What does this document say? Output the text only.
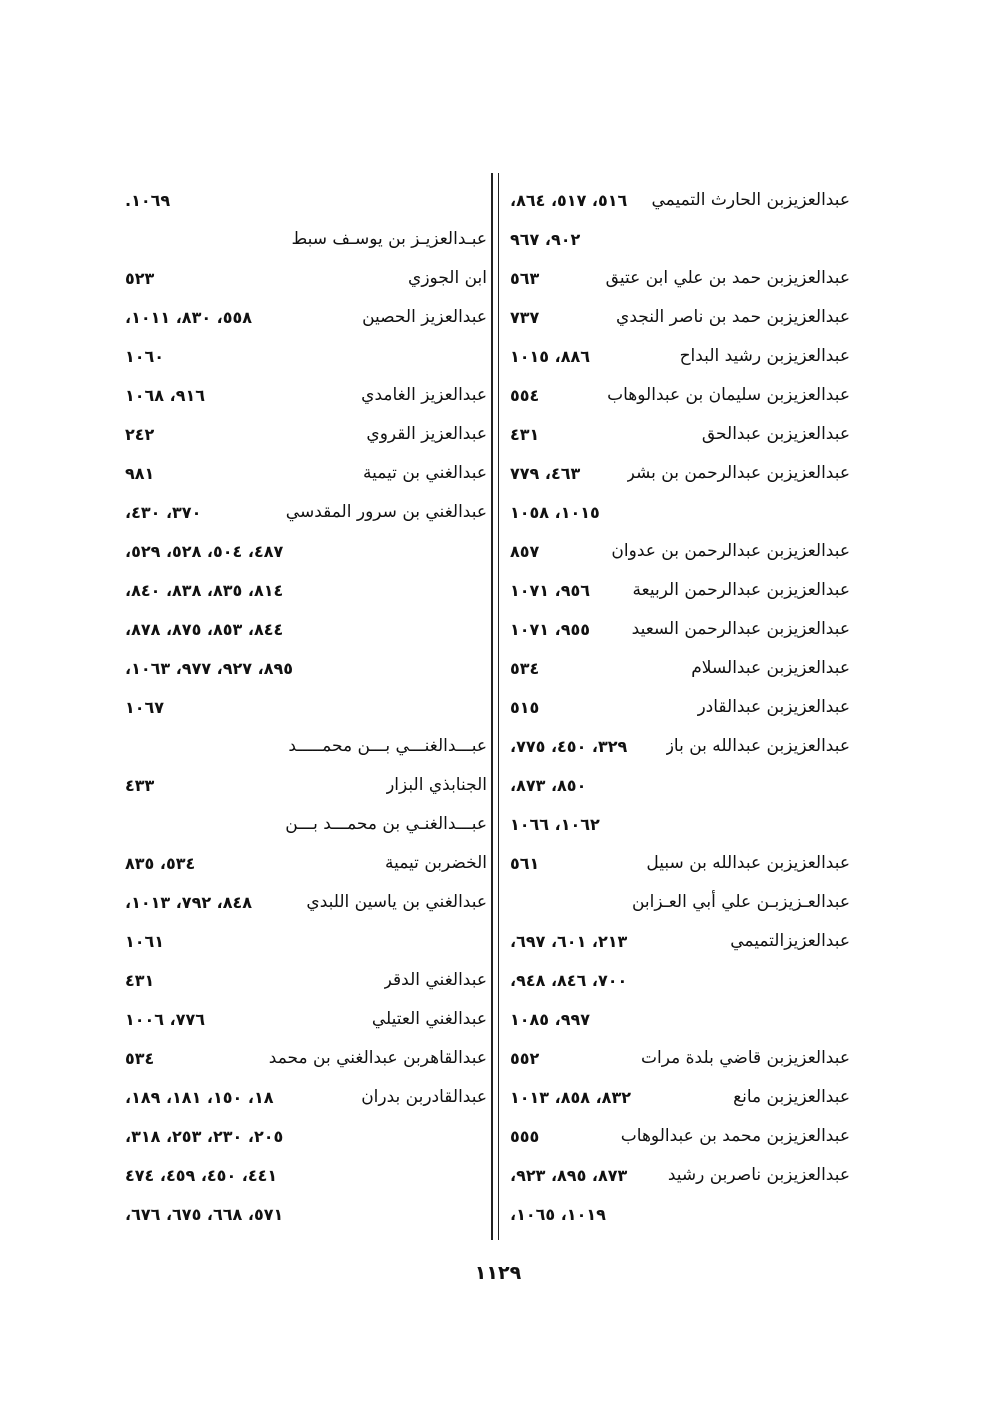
عبدالعزيزبن الحارث التميمي
٥١٦، ٥١٧، ٨٦٤،
٩٠٢، ٩٦٧
عبدالعزيزبن حمد بن علي ابن عتيق
٥٦٣
عبدالعزيزبن حمد بن ناصر النجدي
٧٣٧
عبدالعزيزبن رشيد البداح
٨٨٦، ١٠١٥
عبدالعزيزبن سليمان بن عبدالوهاب
٥٥٤
عبدالعزيزبن عبدالحق
٤٣١
عبدالعزيزبن عبدالرحمن بن بشر
٤٦٣، ٧٧٩
١٠١٥، ١٠٥٨
عبدالعزيزبن عبدالرحمن بن عدوان
٨٥٧
عبدالعزيزبن عبدالرحمن الربيعة
٩٥٦، ١٠٧١
عبدالعزيزبن عبدالرحمن السعيد
٩٥٥، ١٠٧١
عبدالعزيزبن عبدالسلام
٥٣٤
عبدالعزيزبن عبدالقادر
٥١٥
عبدالعزيزبن عبدالله بن باز
٣٢٩، ٤٥٠، ٧٧٥،
٨٥٠، ٨٧٣،
١٠٦٢، ١٠٦٦
عبدالعزيزبن عبدالله بن سبيل
٥٦١
عبدالعـزيزبـن علي أبي العـزابن
عبدالعزيزالتميمي
٢١٣، ٦٠١، ٦٩٧،
٧٠٠، ٨٤٦، ٩٤٨،
٩٩٧، ١٠٨٥
عبدالعزيزبن قاضي بلدة مرات
٥٥٢
عبدالعزيزبن مانع
٨٣٢، ٨٥٨، ١٠١٣
عبدالعزيزبن محمد بن عبدالوهاب
٥٥٥
عبدالعزيزبن ناصربن رشيد
٨٧٣، ٨٩٥، ٩٢٣،
١٠١٩، ١٠٦٥،
١٠٦٩.
عبـدالعزيـز بن يوسـف سبط
ابن الجوزي
٥٢٣
عبدالعزيز الحصين
٥٥٨، ٨٣٠، ١٠١١،
١٠٦٠
عبدالعزيز الغامدي
٩١٦، ١٠٦٨
عبدالعزيز القروي
٢٤٢
عبدالغني بن تيمية
٩٨١
عبدالغني بن سرور المقدسي
٣٧٠، ٤٣٠،
٤٨٧، ٥٠٤، ٥٢٨، ٥٢٩،
٨١٤، ٨٣٥، ٨٣٨، ٨٤٠،
٨٤٤، ٨٥٣، ٨٧٥، ٨٧٨،
٨٩٥، ٩٢٧، ٩٧٧، ١٠٦٣،
١٠٦٧
عبـــدالغنـــي بـــن محمـــــد
الجنابذي البزار
٤٣٣
عبـــدالغنـي بن محمـــد بـــن
الخضربن تيمية
٥٣٤، ٨٣٥
عبدالغني بن ياسين اللبدي
٨٤٨، ٧٩٢، ١٠١٣،
١٠٦١
عبدالغني الدقر
٤٣١
عبدالغني العتيلي
٧٧٦، ١٠٠٦
عبدالقاهربن عبدالغني بن محمد
٥٣٤
عبدالقادربن بدران
١٨، ١٥٠، ١٨١، ١٨٩،
٢٠٥، ٢٣٠، ٢٥٣، ٣١٨،
٤٤١، ٤٥٠، ٤٥٩، ٤٧٤
٥٧١، ٦٦٨، ٦٧٥، ٦٧٦،
١١٢٩
